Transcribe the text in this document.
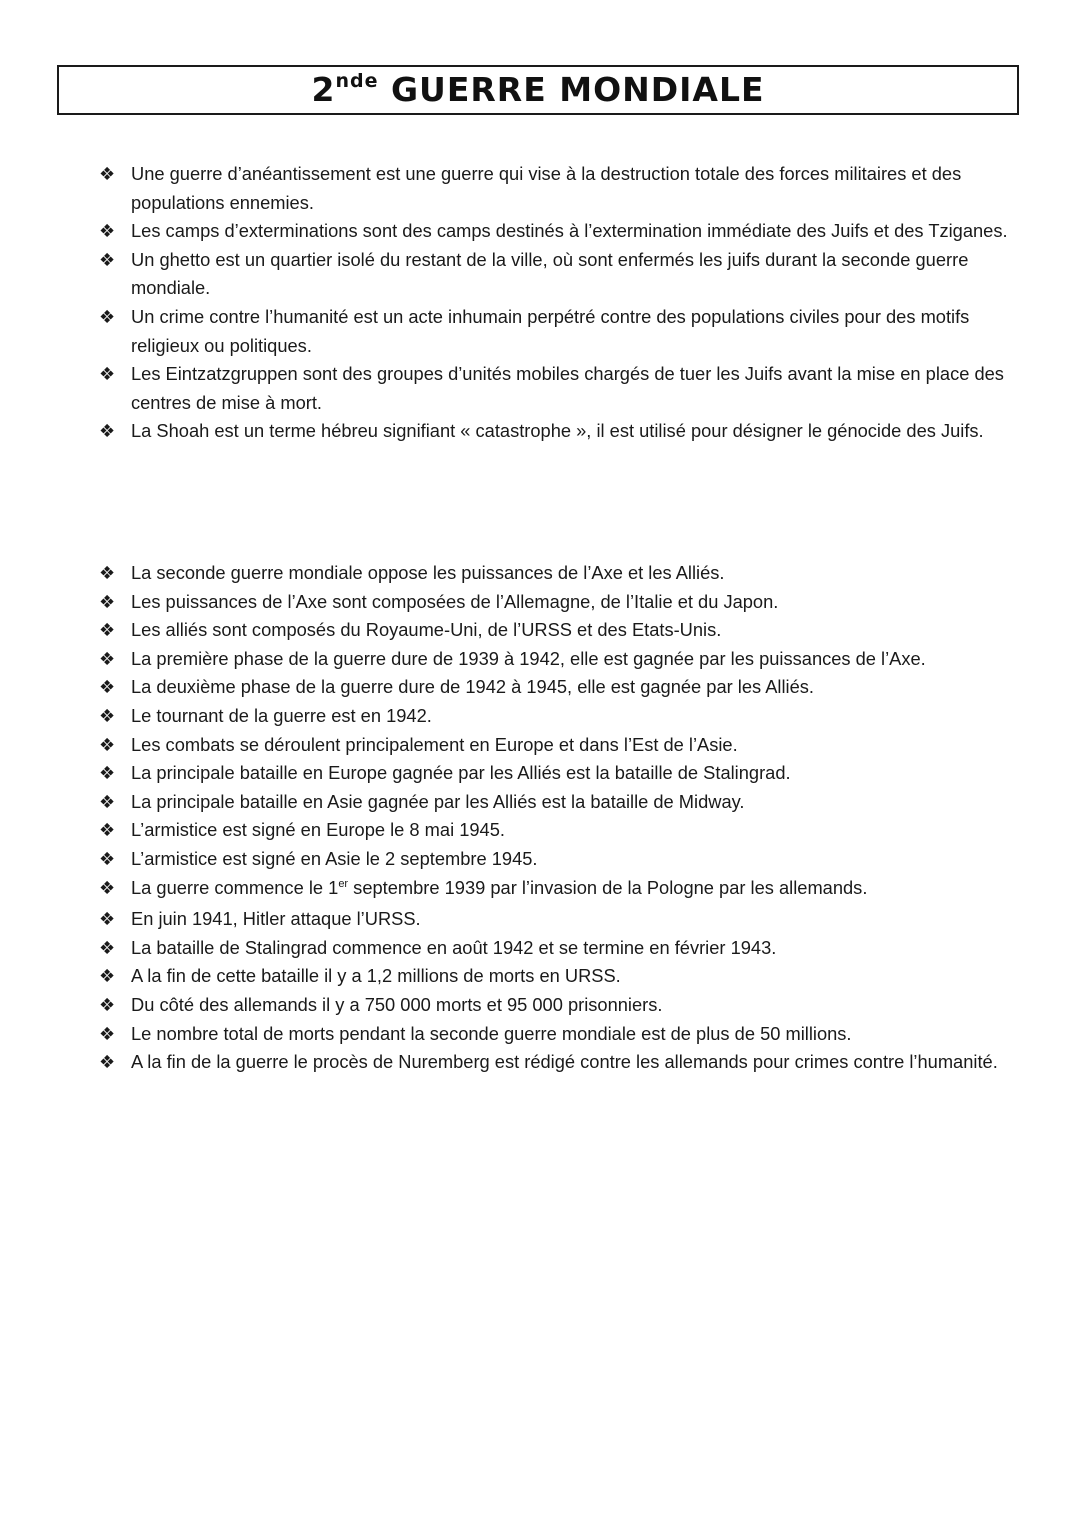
2nde GUERRE MONDIALE
❖ Une guerre d’anéantissement est une guerre qui vise à la destruction totale des forces militaires et des populations ennemies.
❖ Les camps d’exterminations sont des camps destinés à l’extermination immédiate des Juifs et des Tziganes.
❖ Un ghetto est un quartier isolé du restant de la ville, où sont enfermés les juifs durant la seconde guerre mondiale.
❖ Un crime contre l’humanité est un acte inhumain perpétré contre des populations civiles pour des motifs religieux ou politiques.
❖ Les Eintzatzgruppen sont des groupes d’unités mobiles chargés de tuer les Juifs avant la mise en place des centres de mise à mort.
❖ La Shoah est un terme hébreu signifiant « catastrophe », il est utilisé pour désigner le génocide des Juifs.
❖ La seconde guerre mondiale oppose les puissances de l’Axe et les Alliés.
❖ Les puissances de l’Axe sont composées de l’Allemagne, de l’Italie et du Japon.
❖ Les alliés sont composés du Royaume-Uni, de l’URSS et des Etats-Unis.
❖ La première phase de la guerre dure de 1939 à 1942, elle est gagnée par les puissances de l’Axe.
❖ La deuxième phase de la guerre dure de 1942 à 1945, elle est gagnée par les Alliés.
❖ Le tournant de la guerre est en 1942.
❖ Les combats se déroulent principalement en Europe et dans l’Est de l’Asie.
❖ La principale bataille en Europe gagnée par les Alliés est la bataille de Stalingrad.
❖ La principale bataille en Asie gagnée par les Alliés est la bataille de Midway.
❖ L’armistice est signé en Europe le 8 mai 1945.
❖ L’armistice est signé en Asie le 2 septembre 1945.
❖ La guerre commence le 1er septembre 1939 par l’invasion de la Pologne par les allemands.
❖ En juin 1941, Hitler attaque l’URSS.
❖ La bataille de Stalingrad commence en août 1942 et se termine en février 1943.
❖ A la fin de cette bataille il y a 1,2 millions de morts en URSS.
❖ Du côté des allemands il y a 750 000 morts et 95 000 prisonniers.
❖ Le nombre total de morts pendant la seconde guerre mondiale est de plus de 50 millions.
❖ A la fin de la guerre le procès de Nuremberg est rédigé contre les allemands pour crimes contre l’humanité.
